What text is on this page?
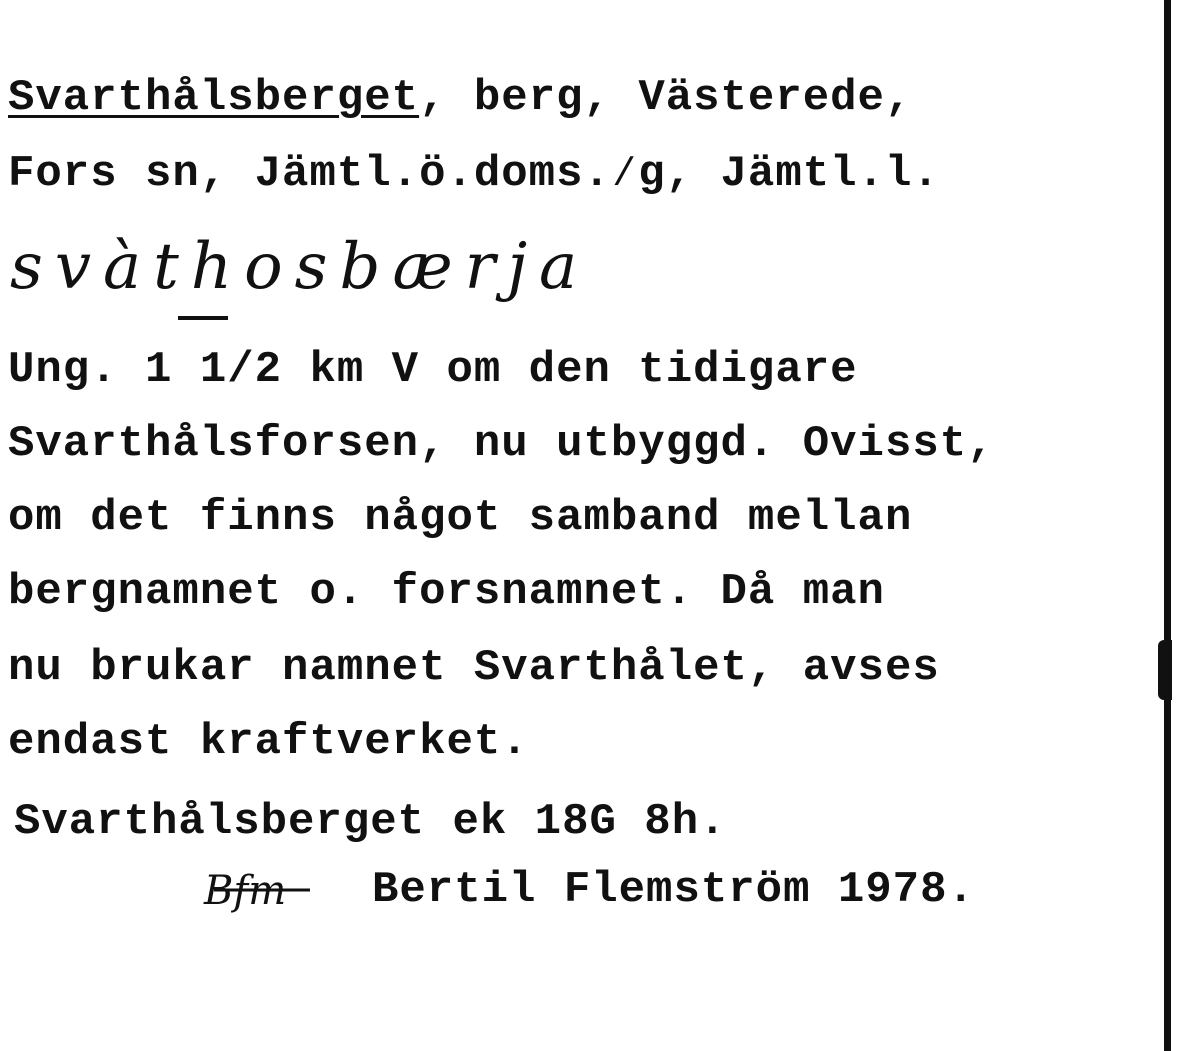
Svarthålsberget, berg, Västerede,

Fors sn, Jämtl.ö.doms.⁄g, Jämtl.l.

svàthosbærja

Ung. 1 1/2 km V om den tidigare

Svarthålsforsen, nu utbyggd. Ovisst,

om det finns något samband mellan

bergnamnet o. forsnamnet. Då man

nu brukar namnet Svarthålet, avses

endast kraftverket.

Svarthålsberget ek 18G 8h.

Bfm Bertil Flemström 1978.
